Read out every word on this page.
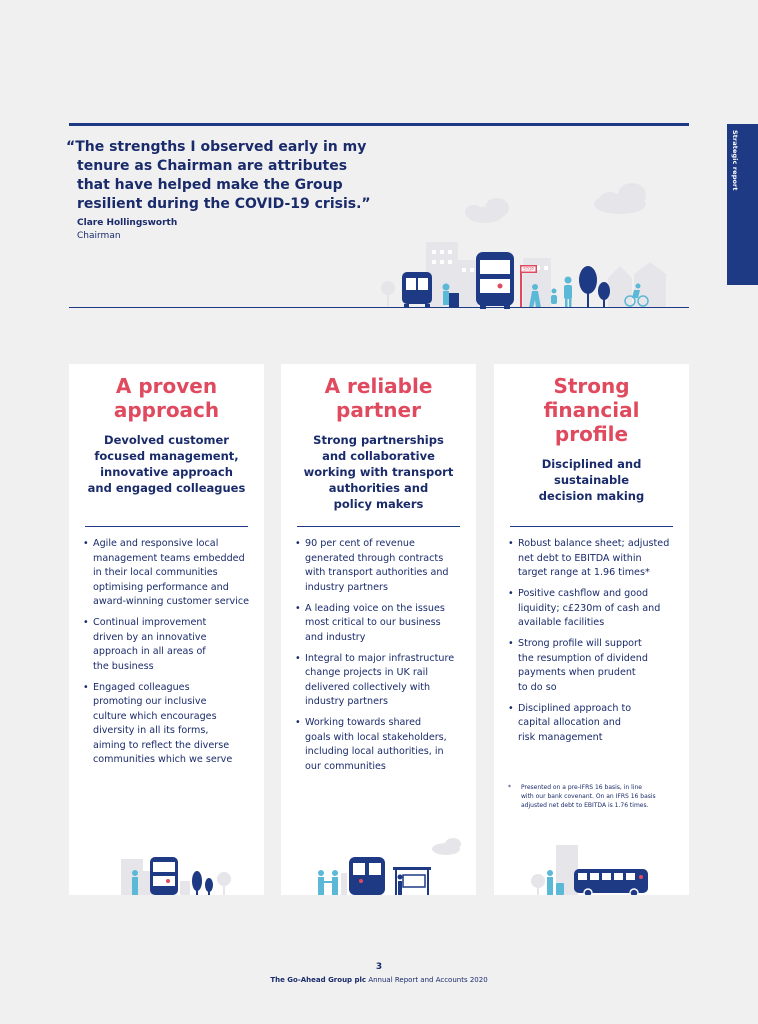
Strategic report
“The strengths I observed early in my
tenure as Chairman are attributes
that have helped make the Group
resilient during the COVID-19 crisis.”
Clare Hollingsworth
Chairman
STOP
A proven
approach
Devolved customer
focused management,
innovative approach
and engaged colleagues
• Agile and responsive local
management teams embedded
in their local communities
optimising performance and
award-winning customer service
• Continual improvement
driven by an innovative
approach in all areas of
the business
• Engaged colleagues
promoting our inclusive
culture which encourages
diversity in all its forms,
aiming to reflect the diverse
communities which we serve
A reliable
partner
Strong partnerships
and collaborative
working with transport
authorities and
policy makers
• 90 per cent of revenue
generated through contracts
with transport authorities and
industry partners
• A leading voice on the issues
most critical to our business
and industry
• Integral to major infrastructure
change projects in UK rail
delivered collectively with
industry partners
• Working towards shared
goals with local stakeholders,
including local authorities, in
our communities
Strong
financial
profile
Disciplined and
sustainable
decision making
• Robust balance sheet; adjusted
net debt to EBITDA within
target range at 1.96 times*
• Positive cashflow and good
liquidity; c£230m of cash and
available facilities
• Strong profile will support
the resumption of dividend
payments when prudent
to do so
• Disciplined approach to
capital allocation and
risk management
* Presented on a pre-IFRS 16 basis, in line
with our bank covenant. On an IFRS 16 basis
adjusted net debt to EBITDA is 1.76 times.
3
The Go-Ahead Group plc Annual Report and Accounts 2020
